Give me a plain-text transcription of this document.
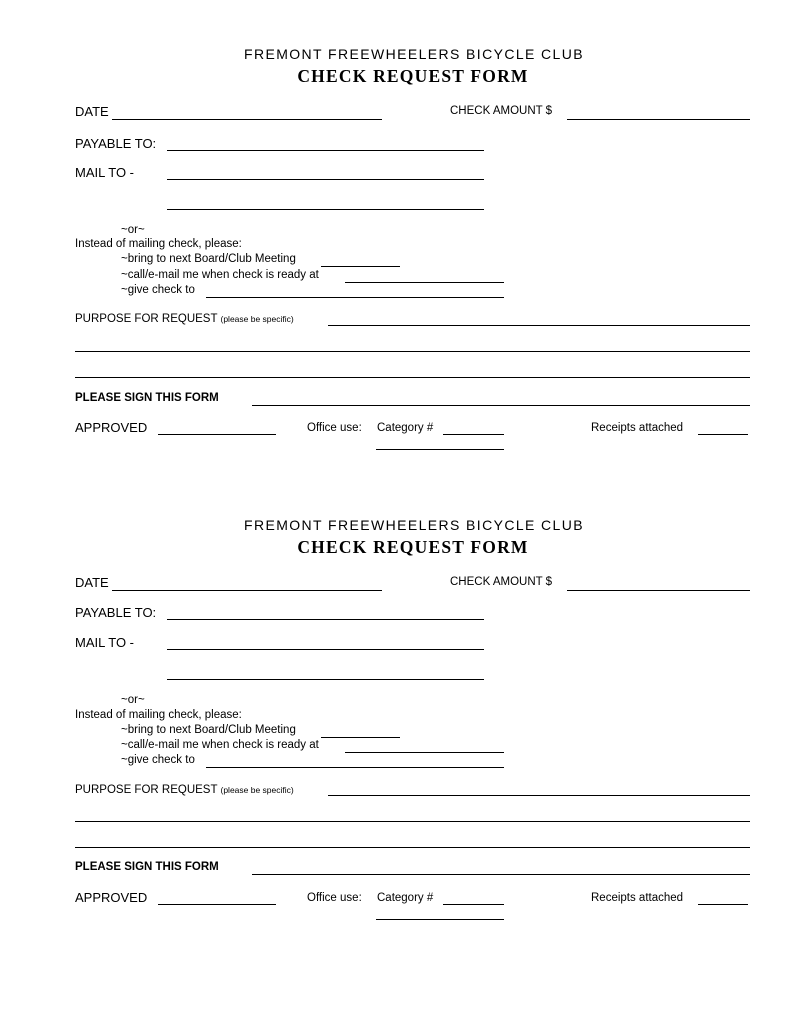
FREMONT FREEWHEELERS BICYCLE CLUB
CHECK REQUEST FORM
DATE	CHECK AMOUNT $
PAYABLE TO:
MAIL TO -
~or~
Instead of mailing check, please:
~bring to next Board/Club Meeting
~call/e-mail me when check is ready at
~give check to
PURPOSE FOR REQUEST (please be specific)
PLEASE SIGN THIS FORM
APPROVED	Office use: Category #	Receipts attached
FREMONT FREEWHEELERS BICYCLE CLUB
CHECK REQUEST FORM
DATE	CHECK AMOUNT $
PAYABLE TO:
MAIL TO -
~or~
Instead of mailing check, please:
~bring to next Board/Club Meeting
~call/e-mail me when check is ready at
~give check to
PURPOSE FOR REQUEST (please be specific)
PLEASE SIGN THIS FORM
APPROVED	Office use: Category #	Receipts attached
